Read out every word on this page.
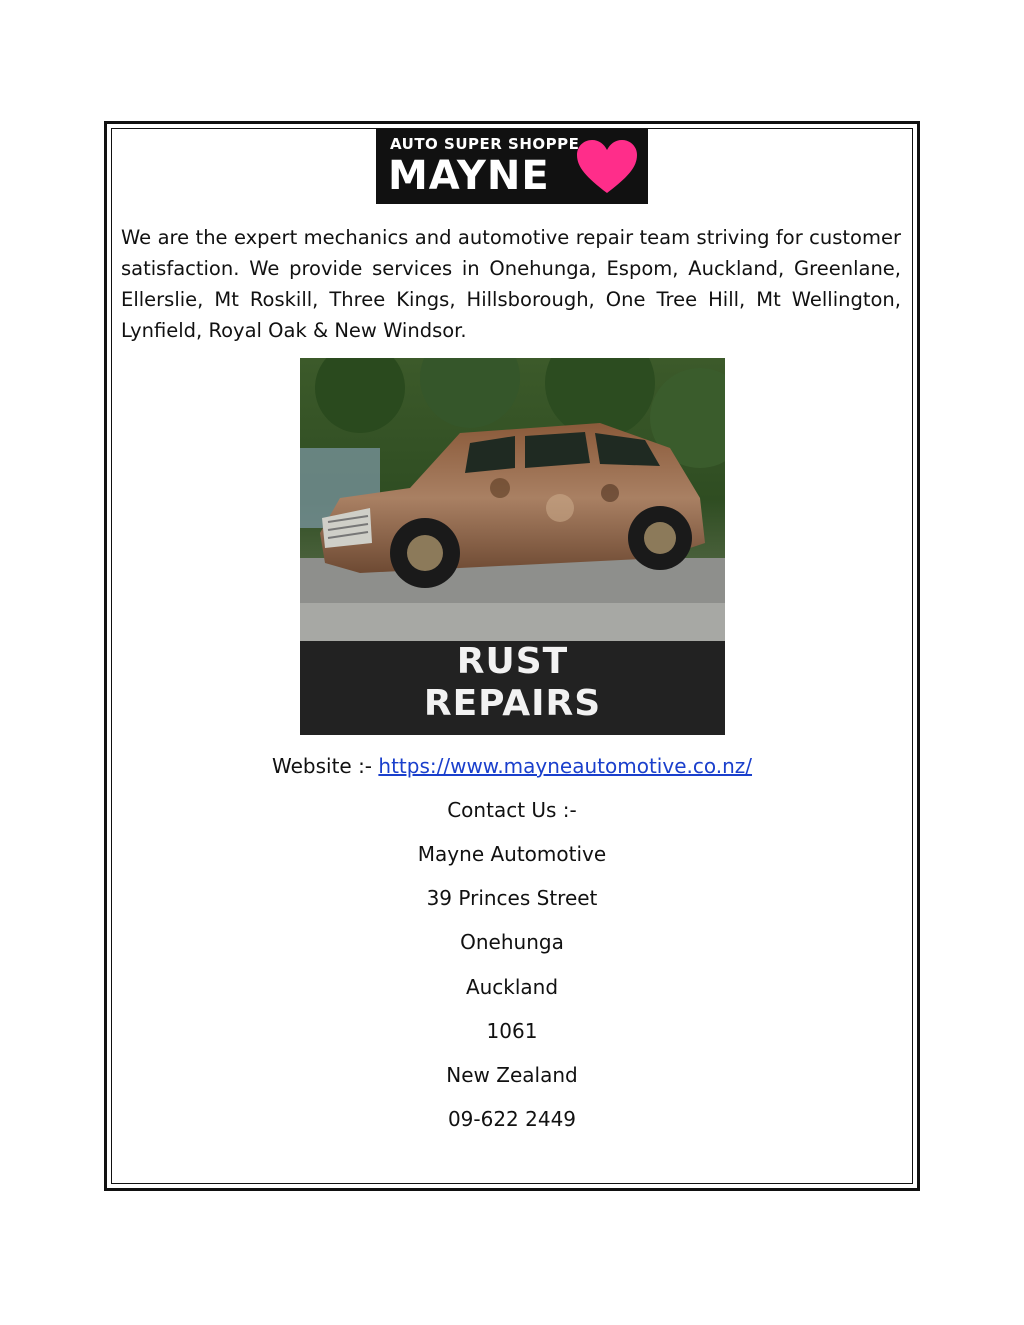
AUTO SUPER SHOPPE
MAYNE
We are the expert mechanics and automotive repair team striving for customer satisfaction. We provide services in Onehunga, Espom, Auckland, Greenlane, Ellerslie, Mt Roskill, Three Kings, Hillsborough, One Tree Hill, Mt Wellington, Lynfield, Royal Oak & New Windsor.
RUST
REPAIRS
Website :- https://www.mayneautomotive.co.nz/
Contact Us :-
Mayne Automotive
39 Princes Street
Onehunga
Auckland
1061
New Zealand
09-622 2449
